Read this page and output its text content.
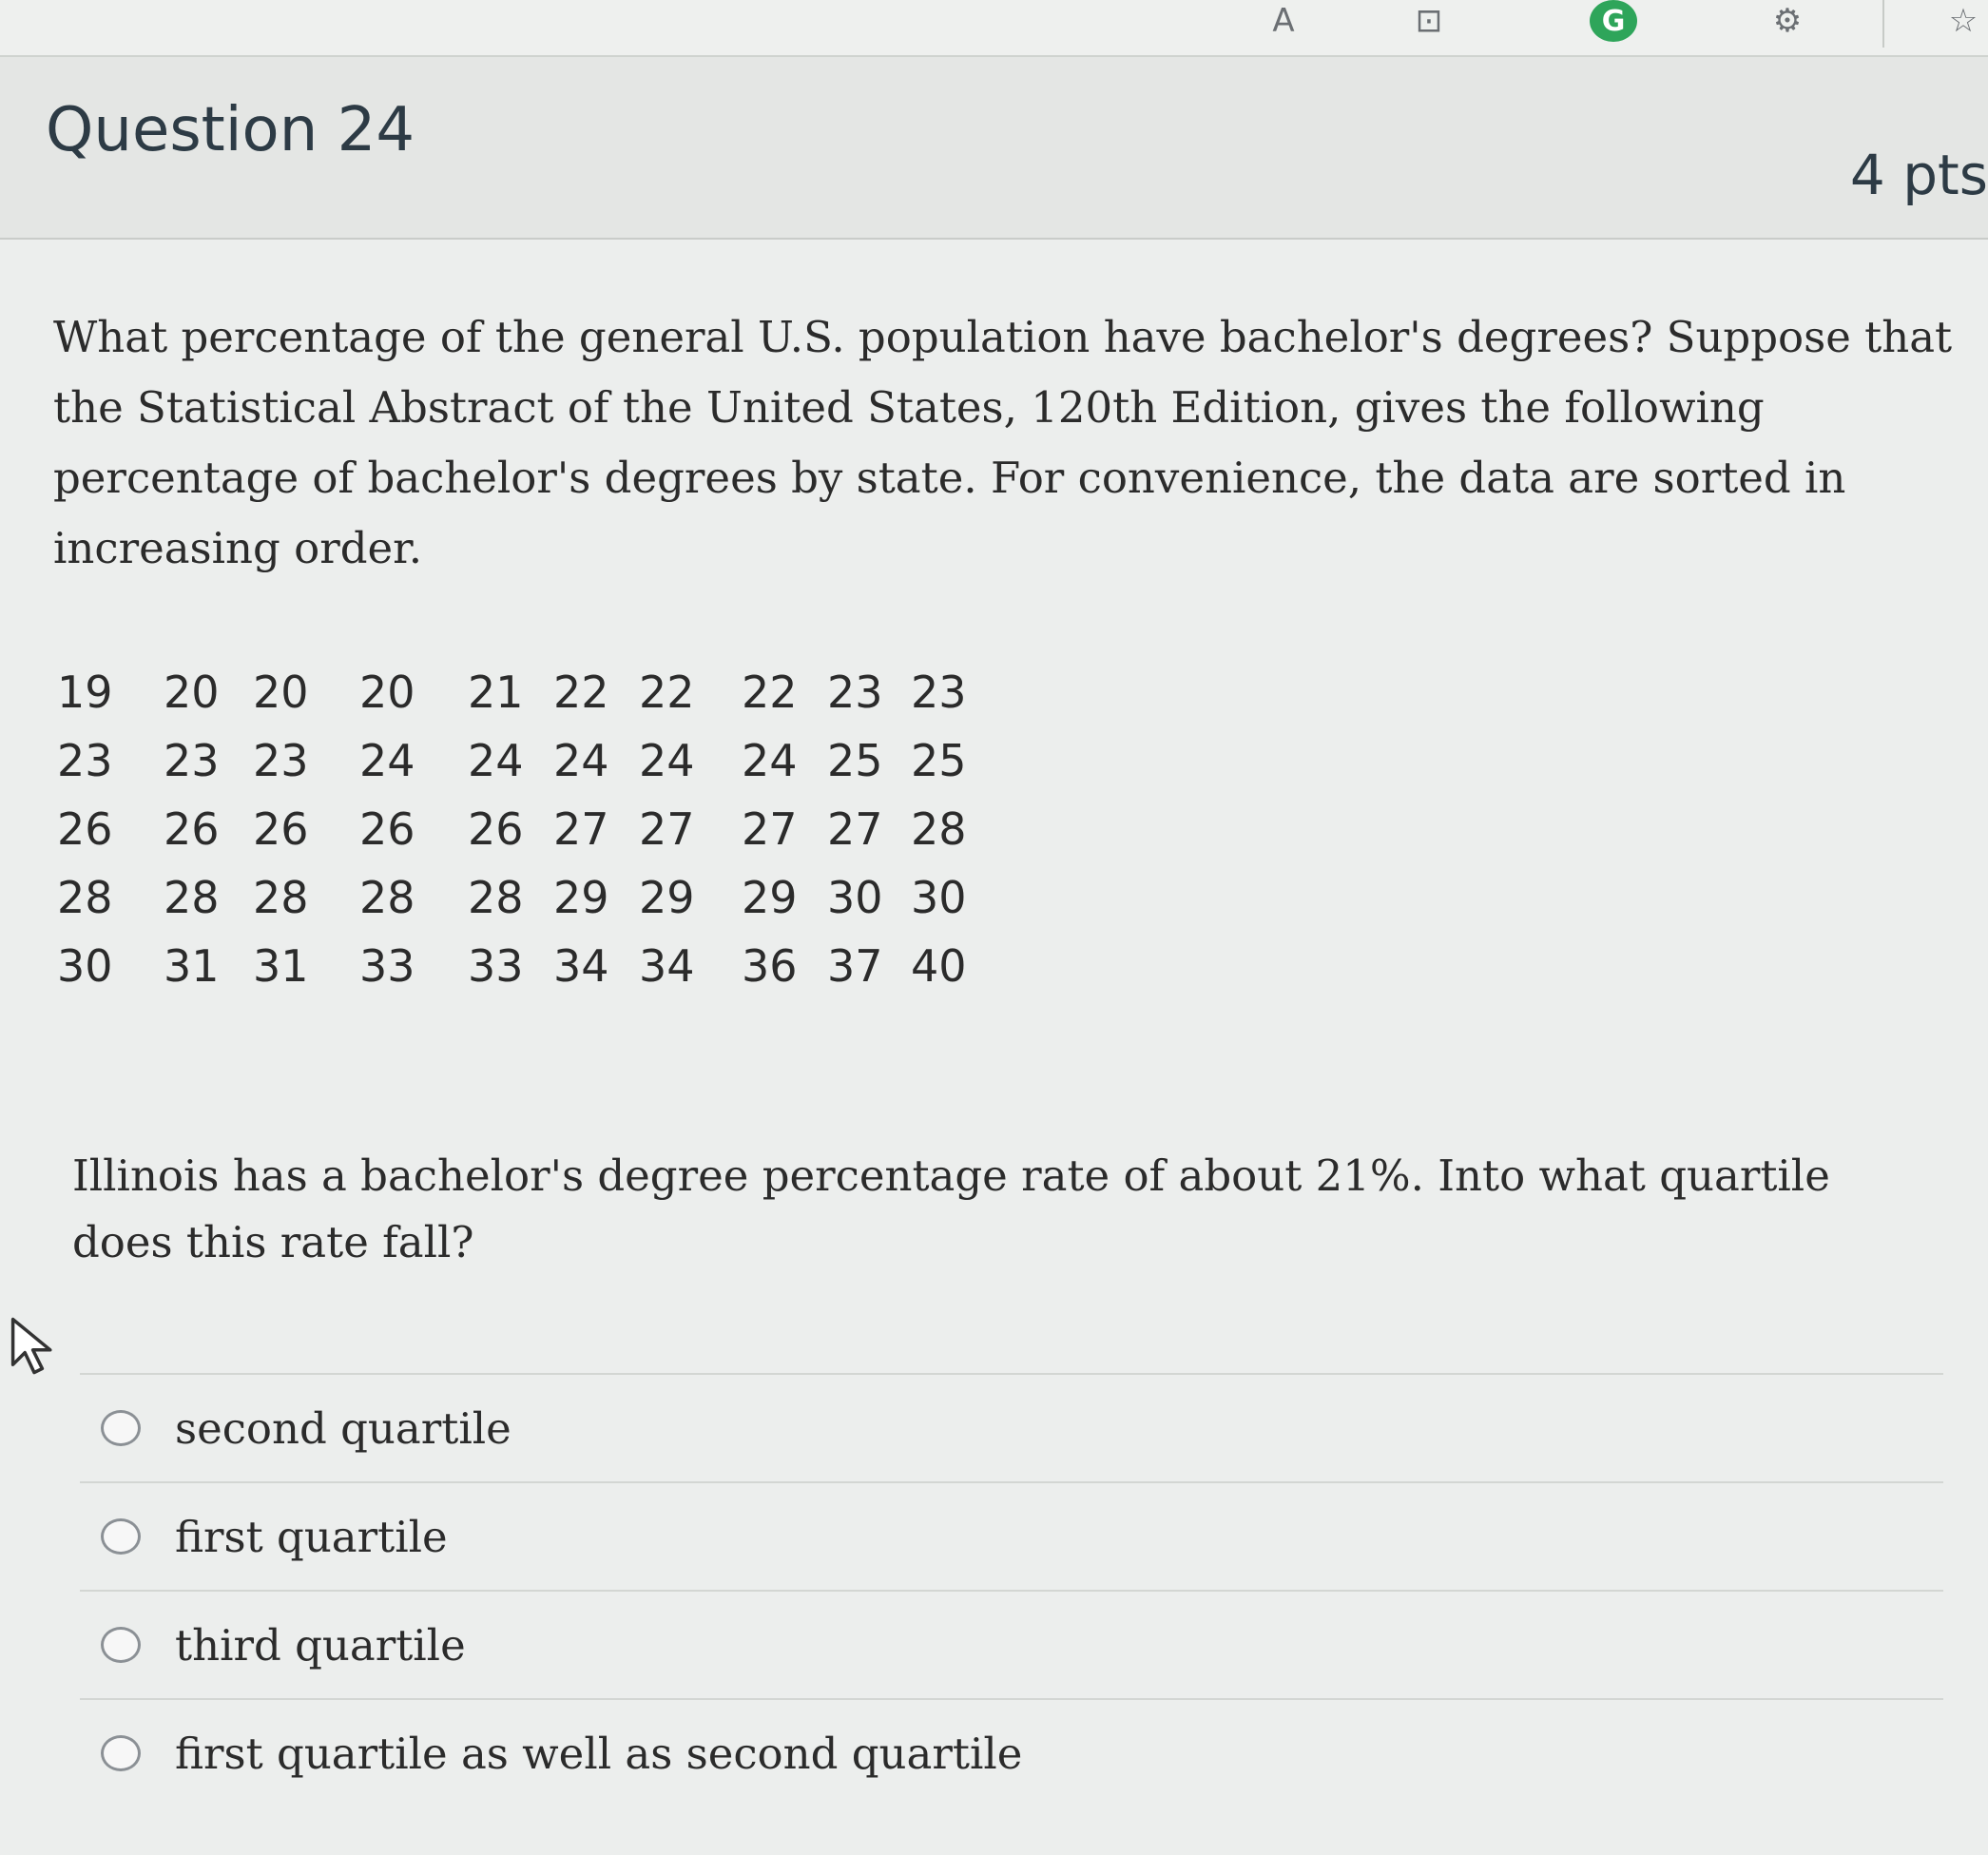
A	⊡	G	⚙	☆
Question 24
4 pts

What percentage of the general U.S. population have bachelor's degrees? Suppose that the Statistical Abstract of the United States, 120th Edition, gives the following percentage of bachelor's degrees by state. For convenience, the data are sorted in increasing order.

19	20	20	20	21	22	22	22	23	23
23	23	23	24	24	24	24	24	25	25
26	26	26	26	26	27	27	27	27	28
28	28	28	28	28	29	29	29	30	30
30	31	31	33	33	34	34	36	37	40

Illinois has a bachelor's degree percentage rate of about 21%. Into what quartile does this rate fall?

second quartile
first quartile
third quartile
first quartile as well as second quartile
